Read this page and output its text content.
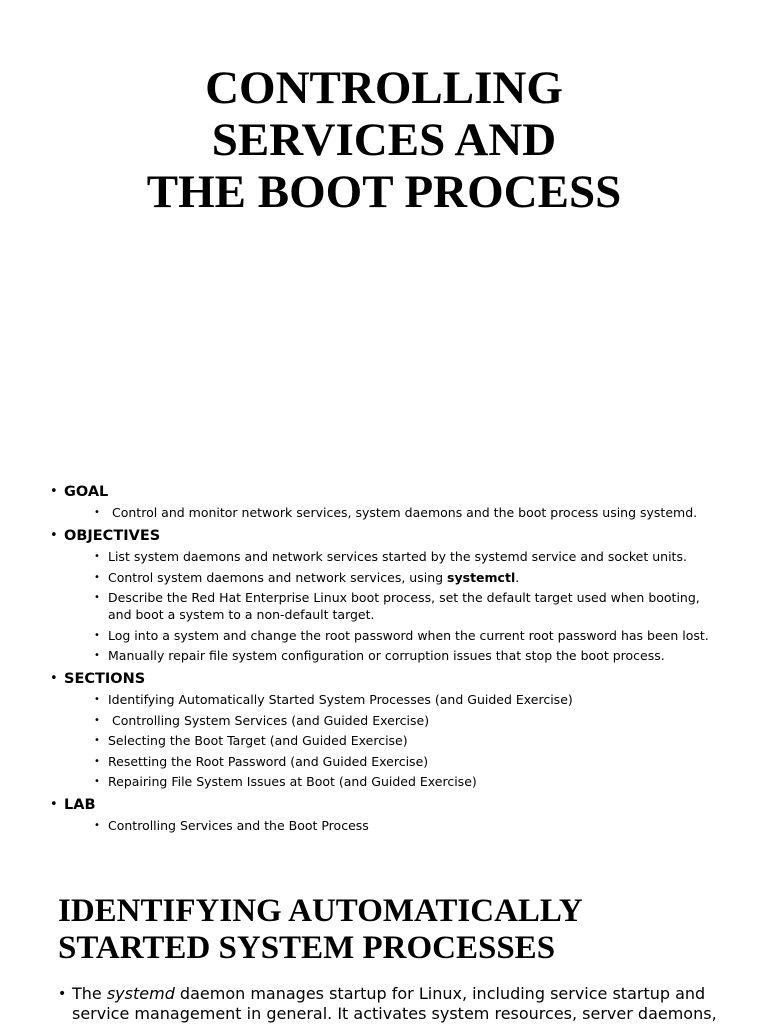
CONTROLLING
SERVICES AND
THE BOOT PROCESS
• GOAL
• Control and monitor network services, system daemons and the boot process using systemd.
• OBJECTIVES
• List system daemons and network services started by the systemd service and socket units.
• Control system daemons and network services, using systemctl.
• Describe the Red Hat Enterprise Linux boot process, set the default target used when booting, and boot a system to a non-default target.
• Log into a system and change the root password when the current root password has been lost.
• Manually repair file system configuration or corruption issues that stop the boot process.
• SECTIONS
• Identifying Automatically Started System Processes (and Guided Exercise)
• Controlling System Services (and Guided Exercise)
• Selecting the Boot Target (and Guided Exercise)
• Resetting the Root Password (and Guided Exercise)
• Repairing File System Issues at Boot (and Guided Exercise)
• LAB
• Controlling Services and the Boot Process
IDENTIFYING AUTOMATICALLY
STARTED SYSTEM PROCESSES

• The systemd daemon manages startup for Linux, including service startup and service management in general. It activates system resources, server daemons,
